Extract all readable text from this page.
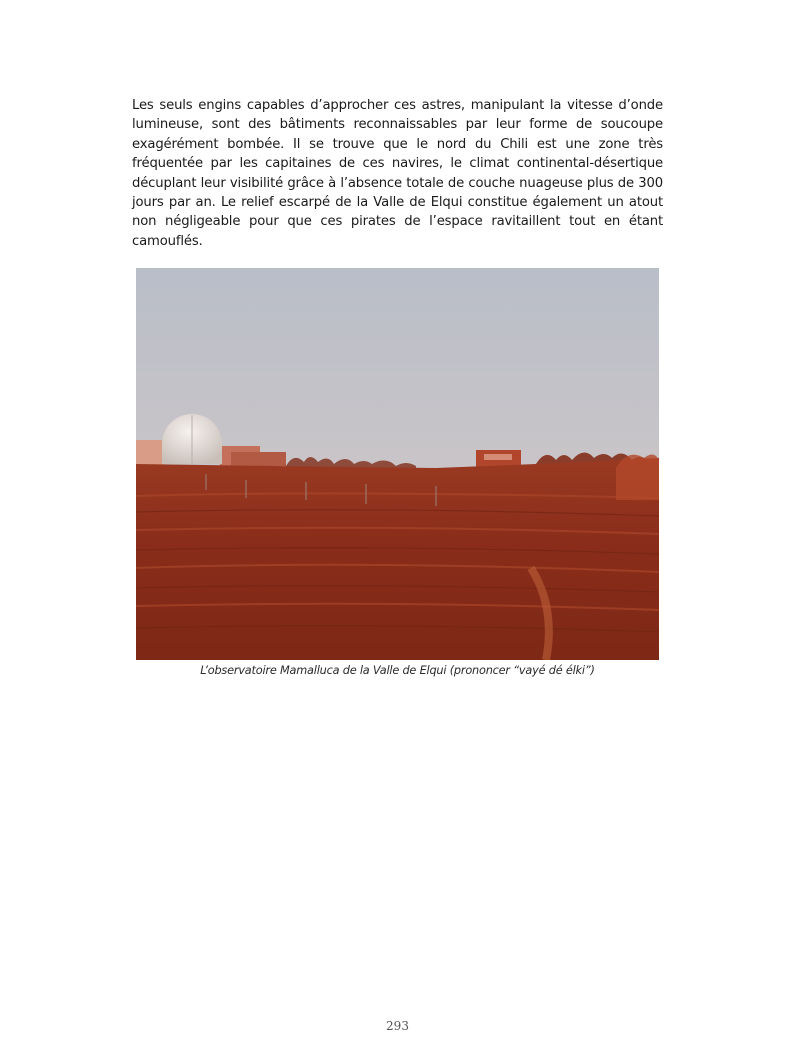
Les seuls engins capables d’approcher ces astres, manipulant la vitesse d’onde lumineuse, sont des bâtiments reconnaissables par leur forme de soucoupe exagérément bombée. Il se trouve que le nord du Chili est une zone très fréquentée par les capitaines de ces navires, le climat continental-désertique décuplant leur visibilité grâce à l’absence totale de couche nuageuse plus de 300 jours par an. Le relief escarpé de la Valle de Elqui constitue également un atout non négligeable pour que ces pirates de l’espace ravitaillent tout en étant camouflés.

L’observatoire Mamalluca de la Valle de Elqui (prononcer “vayé dé élki”)

293
